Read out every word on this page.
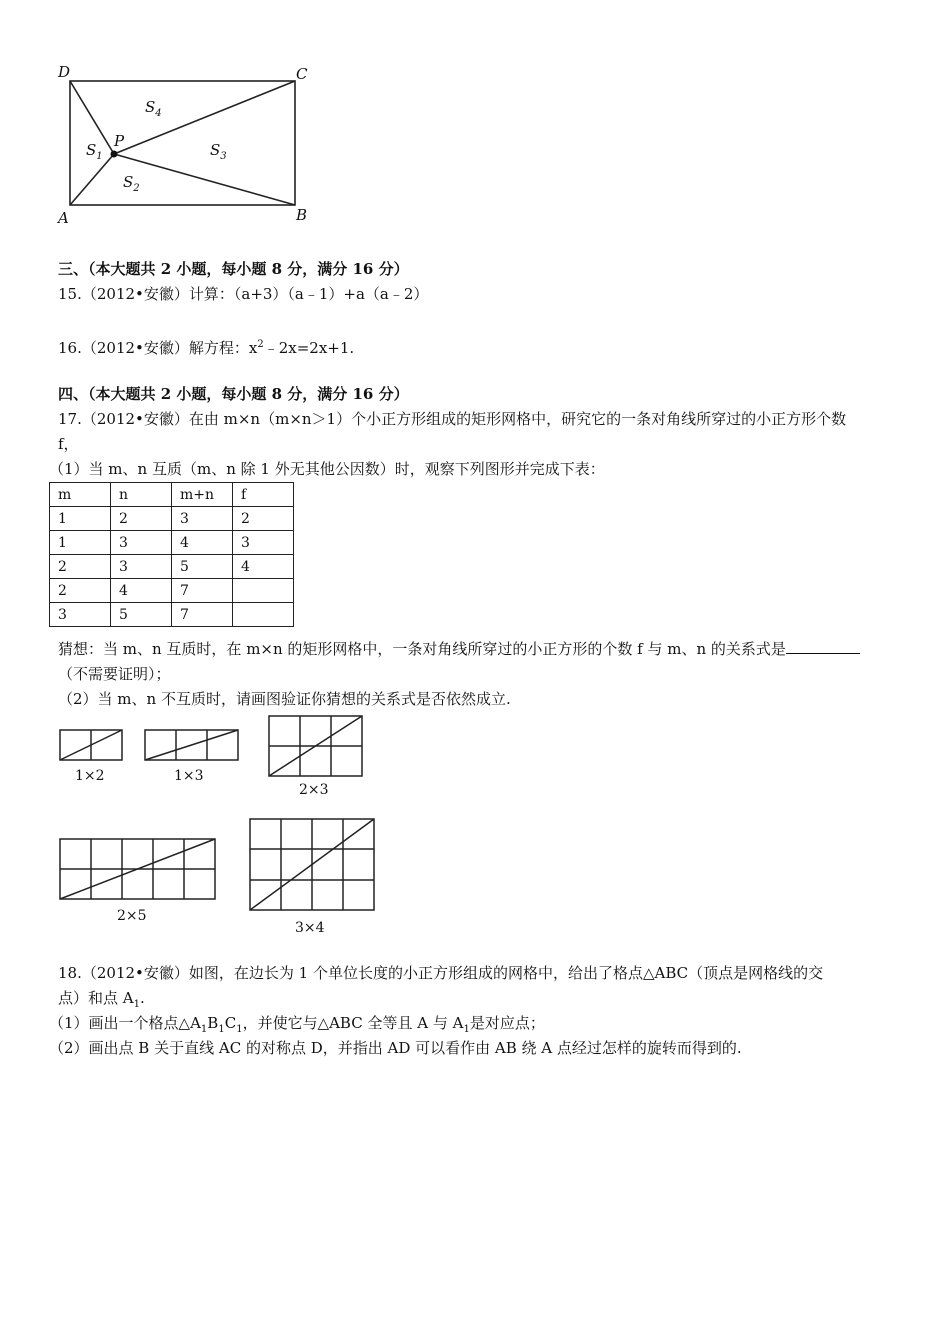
D	C
A	B
P
$S_1$
$S_2$
$S_3$
$S_4$
三、（本大题共 2 小题，每小题 8 分，满分 16 分）
15.（2012•安徽）计算：（a+3）（a﹣1）+a（a﹣2）
16.（2012•安徽）解方程：$x^2﹣2x=2x+1$.
四、（本大题共 2 小题，每小题 8 分，满分 16 分）
17.（2012•安徽）在由 m×n（m×n＞1）个小正方形组成的矩形网格中，研究它的一条对角线所穿过的小正方形个数
f，
（1）当 m、n 互质（m、n 除 1 外无其他公因数）时，观察下列图形并完成下表：
m	n	m+n	f
1	2	3	2
1	3	4	3
2	3	5	4
2	4	7	
3	5	7	
猜想：当 m、n 互质时，在 m×n 的矩形网格中，一条对角线所穿过的小正方形的个数 f 与 m、n 的关系式是
（不需要证明）；
（2）当 m、n 不互质时，请画图验证你猜想的关系式是否依然成立.
1×2	1×3
2×3
2×5
3×4
18.（2012•安徽）如图，在边长为 1 个单位长度的小正方形组成的网格中，给出了格点△ABC（顶点是网格线的交
点）和点 $A_1$.
（1）画出一个格点$\triangle A_1B_1C_1$，并使它与△ABC 全等且 A 与 $A_1$是对应点；
（2）画出点 B 关于直线 AC 的对称点 D，并指出 AD 可以看作由 AB 绕 A 点经过怎样的旋转而得到的.
